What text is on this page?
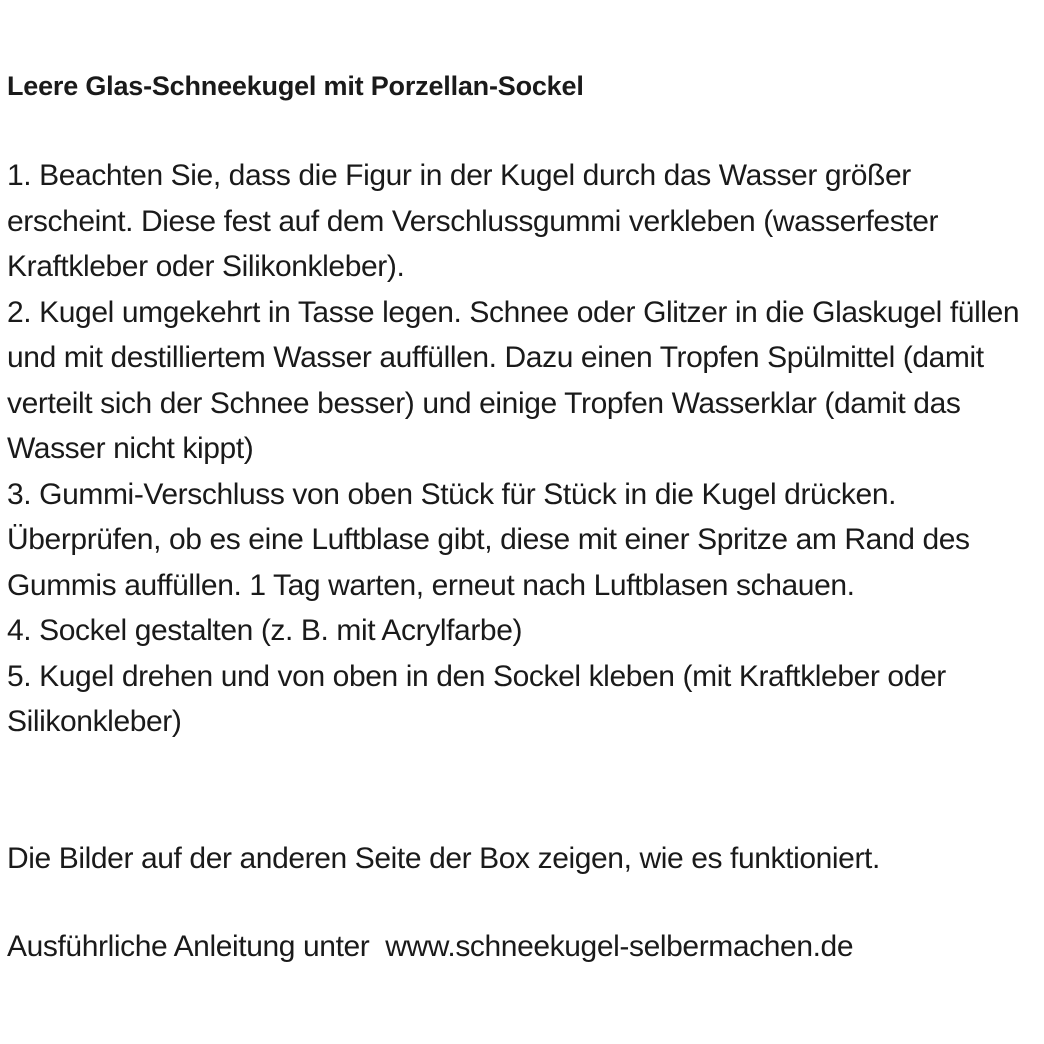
Leere Glas-Schneekugel mit Porzellan-Sockel

1. Beachten Sie, dass die Figur in der Kugel durch das Wasser größer erscheint. Diese fest auf dem Verschlussgummi verkleben (wasserfester Kraftkleber oder Silikonkleber).

2. Kugel umgekehrt in Tasse legen. Schnee oder Glitzer in die Glaskugel füllen und mit destilliertem Wasser auffüllen. Dazu einen Tropfen Spülmittel (damit verteilt sich der Schnee besser) und einige Tropfen Wasserklar (damit das Wasser nicht kippt)

3. Gummi-Verschluss von oben Stück für Stück in die Kugel drücken. Überprüfen, ob es eine Luftblase gibt, diese mit einer Spritze am Rand des Gummis auffüllen. 1 Tag warten, erneut nach Luftblasen schauen.

4. Sockel gestalten (z. B. mit Acrylfarbe)

5. Kugel drehen und von oben in den Sockel kleben (mit Kraftkleber oder Silikonkleber)

Die Bilder auf der anderen Seite der Box zeigen, wie es funktioniert.
Ausführliche Anleitung unter  www.schneekugel-selbermachen.de
